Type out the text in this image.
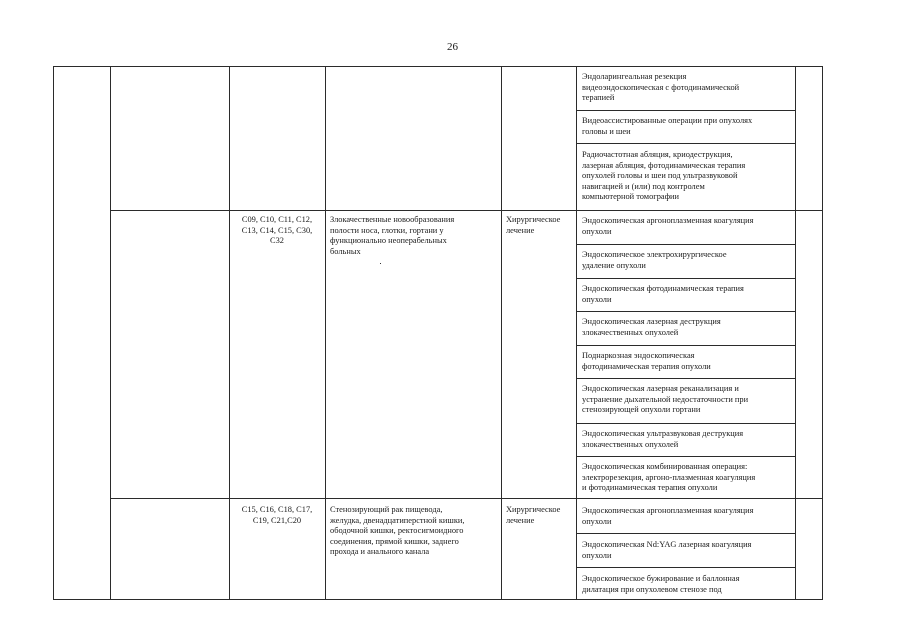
26
Эндоларингеальная резекция
видеоэндоскопическая с фотодинамической
терапией
Видеоассистированные операции при опухолях
головы и шеи
Радиочастотная абляция, криодеструкция,
лазерная абляция, фотодинамическая терапия
опухолей головы и шеи под ультразвуковой
навигацией и (или) под контролем
компьютерной томографии
C09, C10, C11, C12,
C13, C14, C15, C30,
C32
Злокачественные новообразования
полости носа, глотки, гортани у
функционально неоперабельных
больных
Хирургическое
лечение
Эндоскопическая аргоноплазменная коагуляция
опухоли
Эндоскопическое электрохирургическое
удаление опухоли
Эндоскопическая фотодинамическая терапия
опухоли
Эндоскопическая лазерная деструкция
злокачественных опухолей
Поднаркозная эндоскопическая
фотодинамическая терапия опухоли
Эндоскопическая лазерная реканализация и
устранение дыхательной недостаточности при
стенозирующей опухоли гортани
Эндоскопическая ультразвуковая деструкция
злокачественных опухолей
Эндоскопическая комбинированная операция:
электрорезекция, аргоно-плазменная коагуляция
и фотодинамическая терапия опухоли
C15, C16, C18, C17,
C19, C21,C20
Стенозирующий рак пищевода,
желудка, двенадцатиперстной кишки,
ободочной кишки, ректосигмоидного
соединения, прямой кишки, заднего
прохода и анального канала
Хирургическое
лечение
Эндоскопическая аргоноплазменная коагуляция
опухоли
Эндоскопическая Nd:YAG лазерная коагуляция
опухоли
Эндоскопическое бужирование и баллонная
дилатация при опухолевом стенозе под
